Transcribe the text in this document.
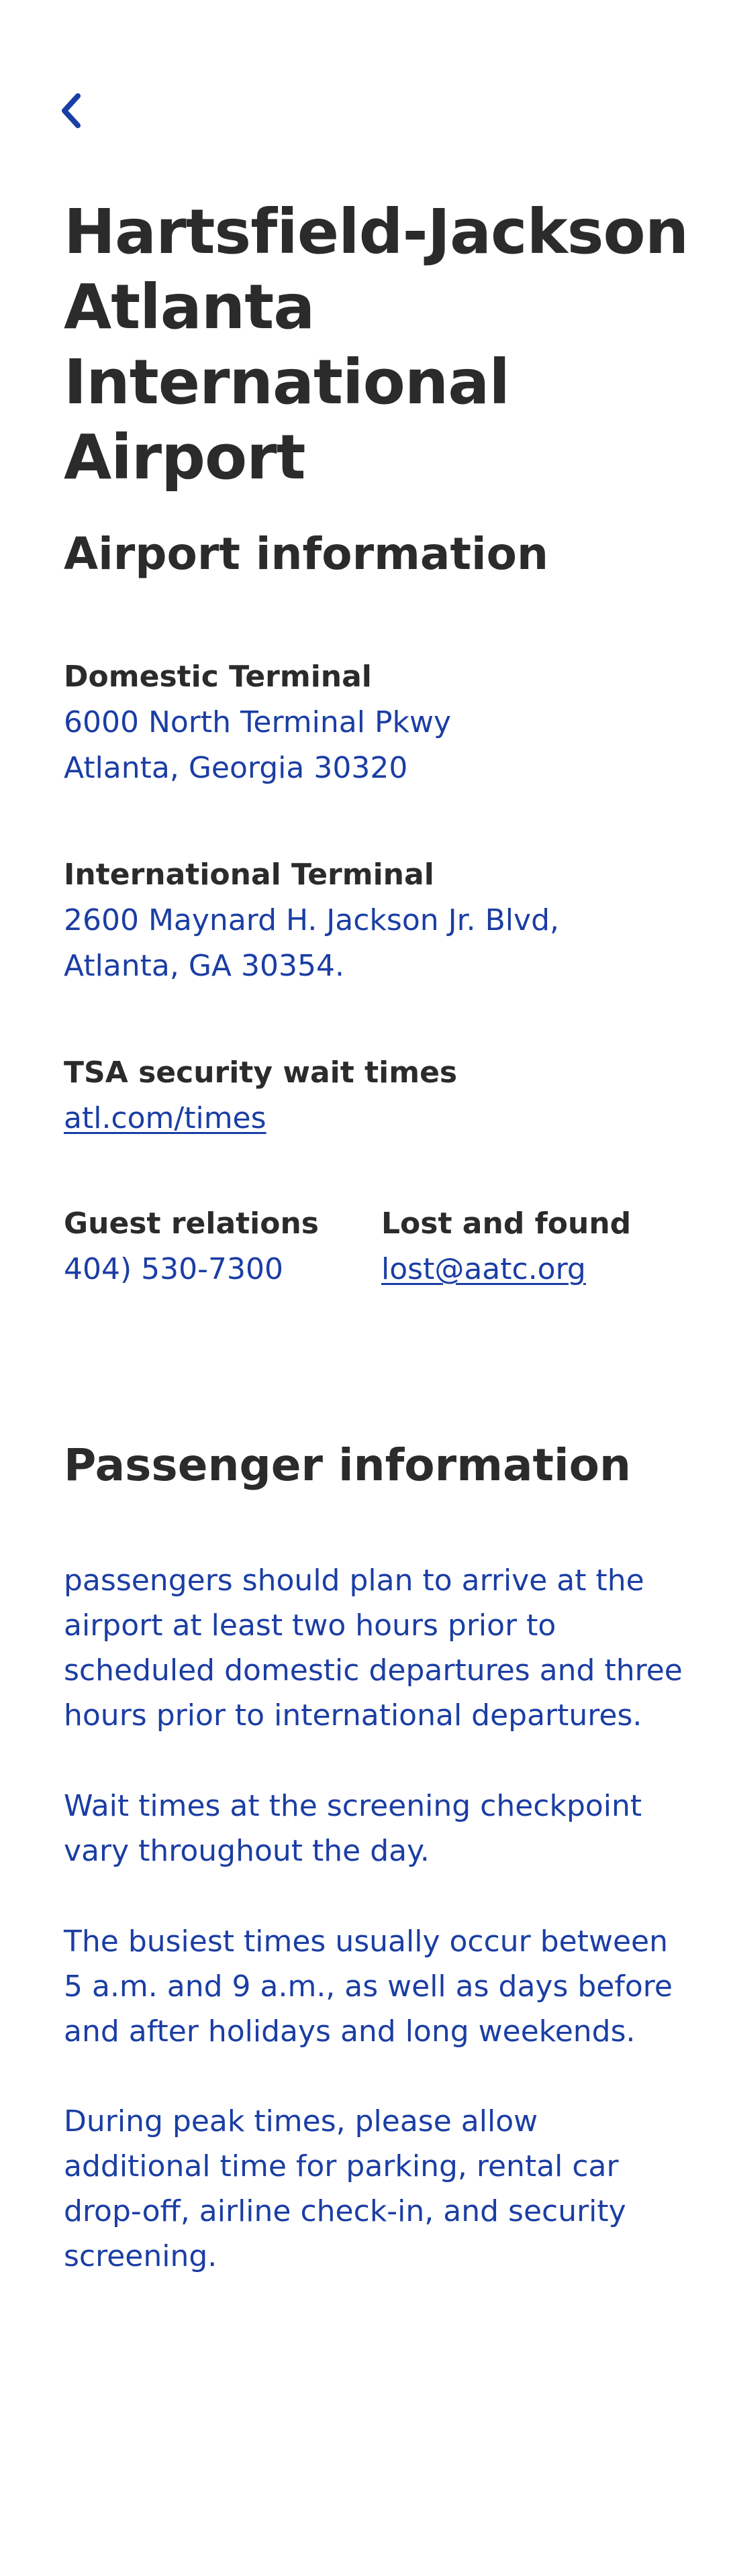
Hartsfield-Jackson Atlanta International Airport
Airport information
Domestic Terminal
6000 North Terminal Pkwy
Atlanta, Georgia 30320
International Terminal
2600 Maynard H. Jackson Jr. Blvd,
Atlanta, GA 30354.
TSA security wait times
atl.com/times
Guest relations
404) 530-7300
Lost and found
lost@aatc.org
Passenger information

passengers should plan to arrive at the airport at least two hours prior to scheduled domestic departures and three hours prior to international departures.

Wait times at the screening checkpoint vary throughout the day.

The busiest times usually occur between 5 a.m. and 9 a.m., as well as days before and after holidays and long weekends.

During peak times, please allow additional time for parking, rental car drop-off, airline check-in, and security screening.
